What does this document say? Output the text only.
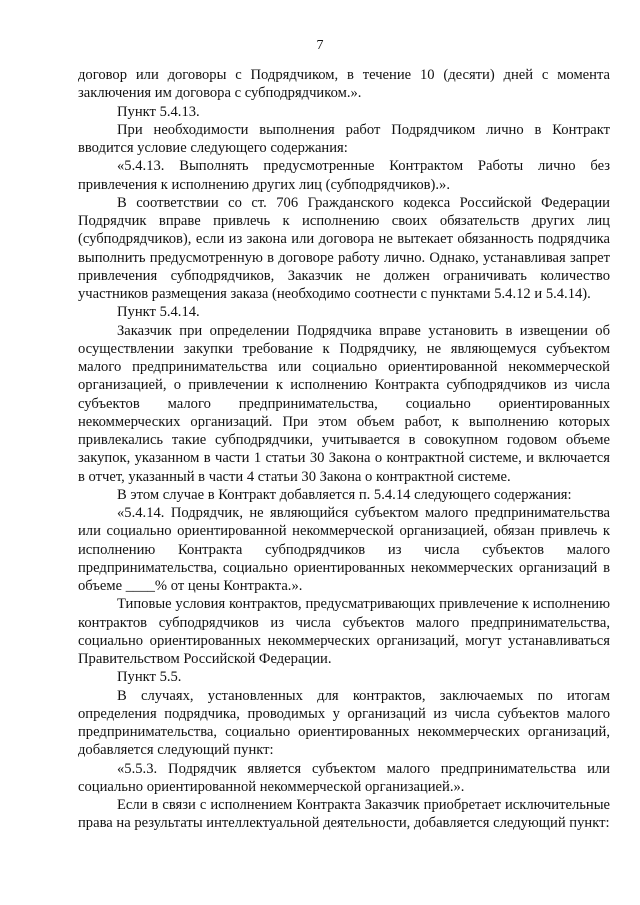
7

договор или договоры с Подрядчиком, в течение 10 (десяти) дней с момента заключения им договора с субподрядчиком.».

Пункт 5.4.13.

При необходимости выполнения работ Подрядчиком лично в Контракт вводится условие следующего содержания:

«5.4.13. Выполнять предусмотренные Контрактом Работы лично без привлечения к исполнению других лиц (субподрядчиков).».

В соответствии со ст. 706 Гражданского кодекса Российской Федерации Подрядчик вправе привлечь к исполнению своих обязательств других лиц (субподрядчиков), если из закона или договора не вытекает обязанность подрядчика выполнить предусмотренную в договоре работу лично. Однако, устанавливая запрет привлечения субподрядчиков, Заказчик не должен ограничивать количество участников размещения заказа (необходимо соотнести с пунктами 5.4.12 и 5.4.14).

Пункт 5.4.14.

Заказчик при определении Подрядчика вправе установить в извещении об осуществлении закупки требование к Подрядчику, не являющемуся субъектом малого предпринимательства или социально ориентированной некоммерческой организацией, о привлечении к исполнению Контракта субподрядчиков из числа субъектов малого предпринимательства, социально ориентированных некоммерческих организаций. При этом объем работ, к выполнению которых привлекались такие субподрядчики, учитывается в совокупном годовом объеме закупок, указанном в части 1 статьи 30 Закона о контрактной системе, и включается в отчет, указанный в части 4 статьи 30 Закона о контрактной системе.

В этом случае в Контракт добавляется п. 5.4.14 следующего содержания:

«5.4.14. Подрядчик, не являющийся субъектом малого предпринимательства или социально ориентированной некоммерческой организацией, обязан привлечь к исполнению Контракта субподрядчиков из числа субъектов малого предпринимательства, социально ориентированных некоммерческих организаций в объеме ____% от цены Контракта.».

Типовые условия контрактов, предусматривающих привлечение к исполнению контрактов субподрядчиков из числа субъектов малого предпринимательства, социально ориентированных некоммерческих организаций, могут устанавливаться Правительством Российской Федерации.

Пункт 5.5.

В случаях, установленных для контрактов, заключаемых по итогам определения подрядчика, проводимых у организаций из числа субъектов малого предпринимательства, социально ориентированных некоммерческих организаций, добавляется следующий пункт:

«5.5.3. Подрядчик является субъектом малого предпринимательства или социально ориентированной некоммерческой организацией.».

Если в связи с исполнением Контракта Заказчик приобретает исключительные права на результаты интеллектуальной деятельности, добавляется следующий пункт:
